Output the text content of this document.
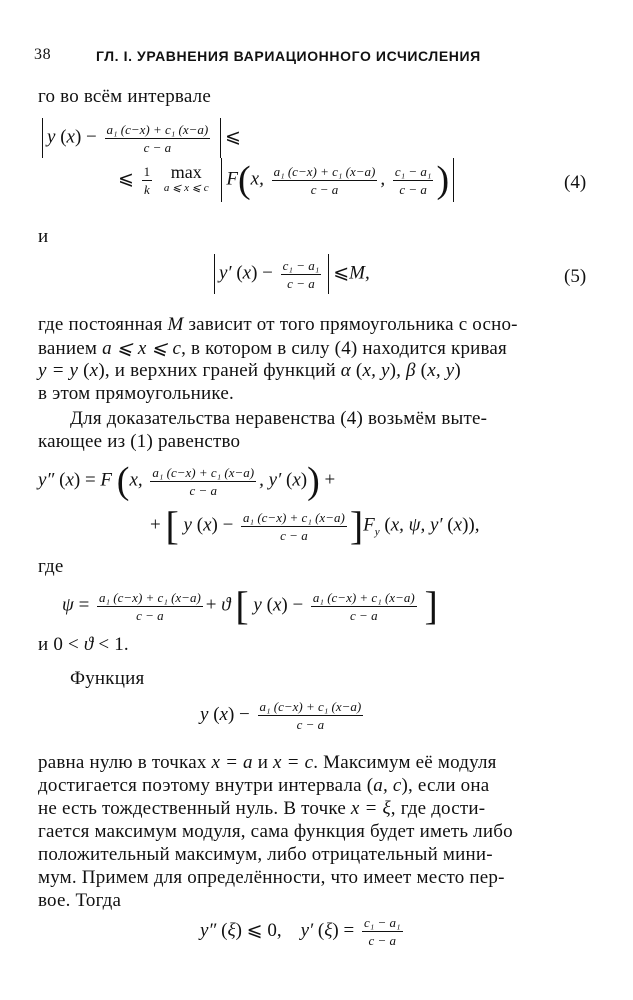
38	ГЛ. I. УРАВНЕНИЯ ВАРИАЦИОННОГО ИСЧИСЛЕНИЯ
го во всём интервале
y $(x) - \frac{\text{a₁ (c−x) + c₁ (x−a)}}{c - a}$ ⩽
⩽ $\frac{1}{k}$
	max
a ⩽ x ⩽ c F(x, $\frac{\text{a₁ (c−x) + c₁ (x−a)}}{c - a}$ , $\frac{\text{c₁ − a₁}}{c - a}$ )	(4)
и
y′ $(x) - \frac{\text{c₁ − a₁}}{c - a}$ ⩽M,	(5)
где постоянная M зависит от того прямоугольника с осно-
ванием a ⩽ x ⩽ c, в котором в силу (4) находится кривая
y = y (x), и верхних граней функций α (x, y), β (x, y)
в этом прямоугольнике.
Для доказательства неравенства (4) возьмём выте-
кающее из (1) равенство
y″ (x) = F (x, $\frac{\text{a₁ (c−x) + c₁ (x−a)}}{c - a}$ , y′ (x)) +
+ [ y $(x) - \frac{\text{a₁ (c−x) + c₁ (x−a)}}{c - a} ]F_y$ (x, ψ, y′ (x)),
где
$\psi = \frac{\text{a₁ (c−x) + c₁ (x−a)}}{c - a} + ϑ$ [ y $(x) - \frac{\text{a₁ (c−x) + c₁ (x−a)}}{c - a}$ ]
и 0 < ϑ < 1.
Функция
y $(x) - \frac{\text{a₁ (c−x) + c₁ (x−a)}}{c - a}$
равна нулю в точках x = a и x = c. Максимум её модуля
достигается поэтому внутри интервала (a, c), если она
не есть тождественный нуль. В точке x = ξ, где дости-
гается максимум модуля, сама функция будет иметь либо
положительный максимум, либо отрицательный мини-
мум. Примем для определённости, что имеет место пер-
вое. Тогда
y″ (ξ) ⩽ 0,    y′ $(\xi) = \frac{\text{c₁ − a₁}}{c - a}$
